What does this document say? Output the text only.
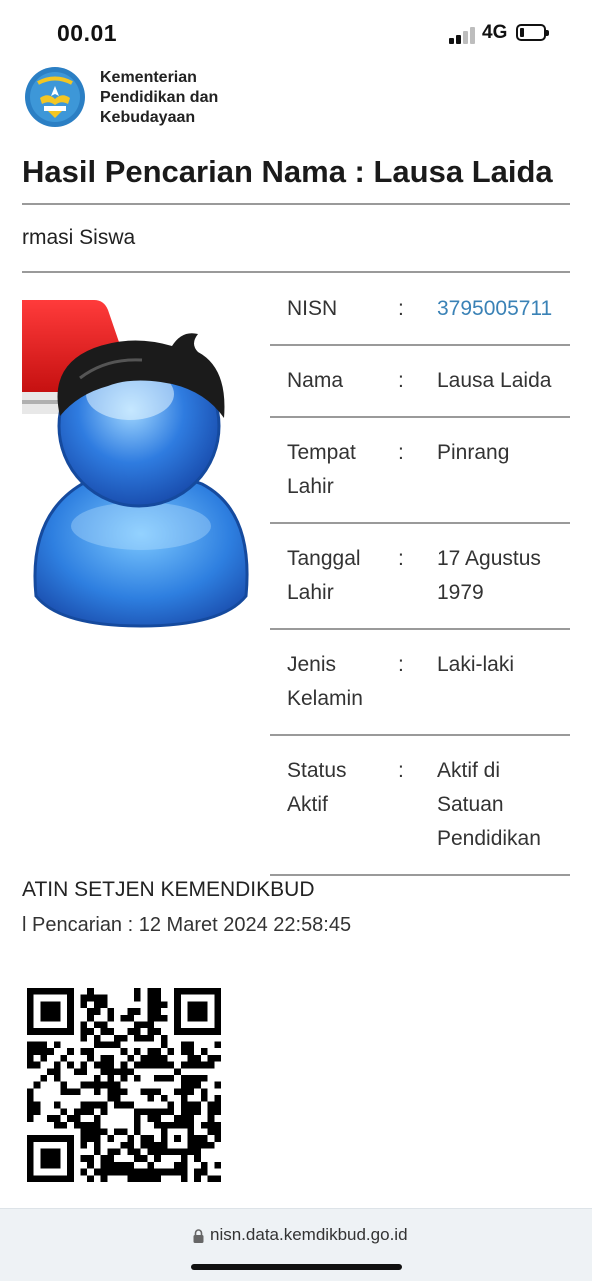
00.01	4G
Kementerian
Pendidikan dan
Kebudayaan
Hasil Pencarian Nama : Lausa Laida
rmasi Siswa
NISN	: 3795005711
Nama	: Lausa Laida
Tempat Lahir
: Pinrang
Tanggal Lahir
: 17 Agustus 1979
Jenis Kelamin
: Laki-laki
Status Aktif
: Aktif di Satuan Pendidikan
ATIN SETJEN KEMENDIKBUD
l Pencarian : 12 Maret 2024 22:58:45
nisn.data.kemdikbud.go.id
